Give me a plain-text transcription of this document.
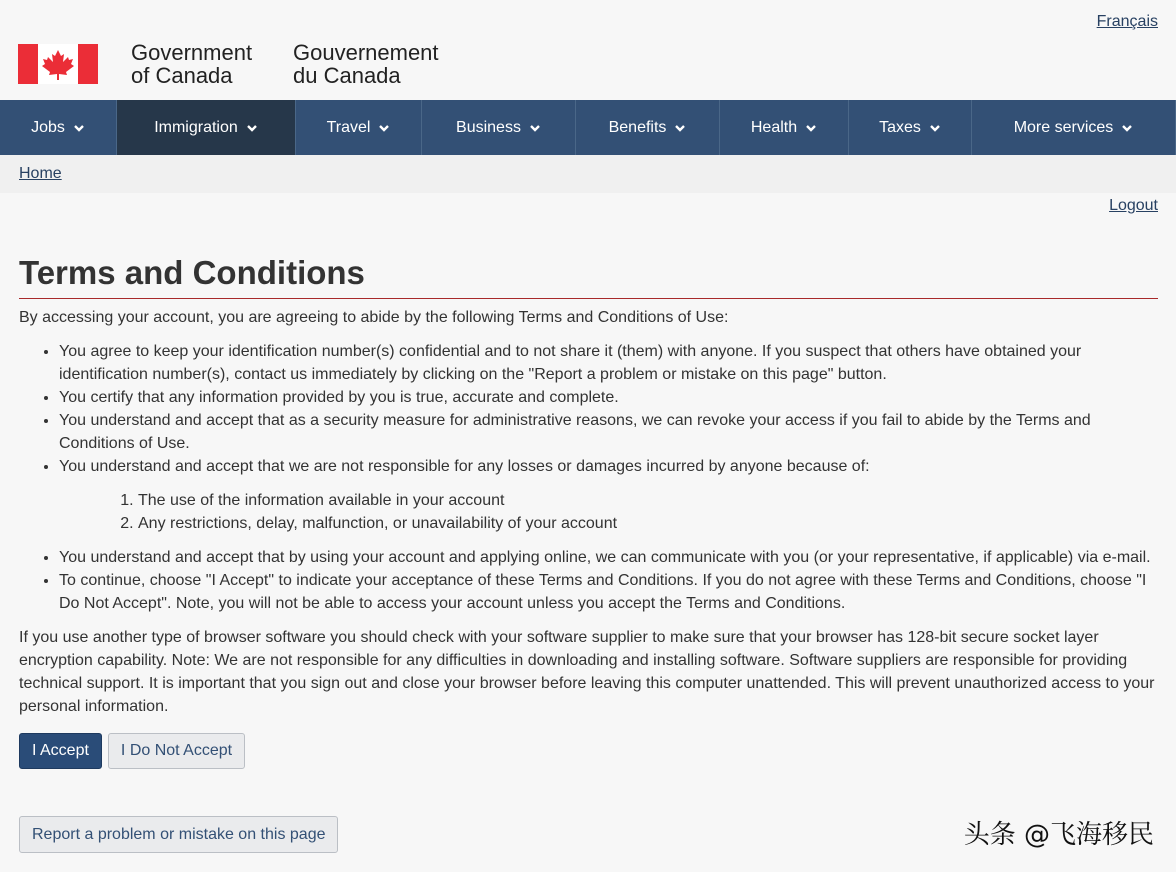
Français
Government
of Canada
Gouvernement
du Canada
Jobs	Immigration	Travel	Business	Benefits	Health	Taxes	More services
Home
Logout
Terms and Conditions

By accessing your account, you are agreeing to abide by the following Terms and Conditions of Use:

• You agree to keep your identification number(s) confidential and to not share it (them) with anyone. If you suspect that others have obtained your identification number(s), contact us immediately by clicking on the "Report a problem or mistake on this page" button.
• You certify that any information provided by you is true, accurate and complete.
• You understand and accept that as a security measure for administrative reasons, we can revoke your access if you fail to abide by the Terms and Conditions of Use.
• You understand and accept that we are not responsible for any losses or damages incurred by anyone because of:
1. The use of the information available in your account
2. Any restrictions, delay, malfunction, or unavailability of your account
• You understand and accept that by using your account and applying online, we can communicate with you (or your representative, if applicable) via e-mail.
• To continue, choose "I Accept" to indicate your acceptance of these Terms and Conditions. If you do not agree with these Terms and Conditions, choose "I Do Not Accept". Note, you will not be able to access your account unless you accept the Terms and Conditions.

If you use another type of browser software you should check with your software supplier to make sure that your browser has 128-bit secure socket layer encryption capability. Note: We are not responsible for any difficulties in downloading and installing software. Software suppliers are responsible for providing technical support. It is important that you sign out and close your browser before leaving this computer unattended. This will prevent unauthorized access to your personal information.

I Accept	I Do Not Accept
Report a problem or mistake on this page	头条 @飞海移民
